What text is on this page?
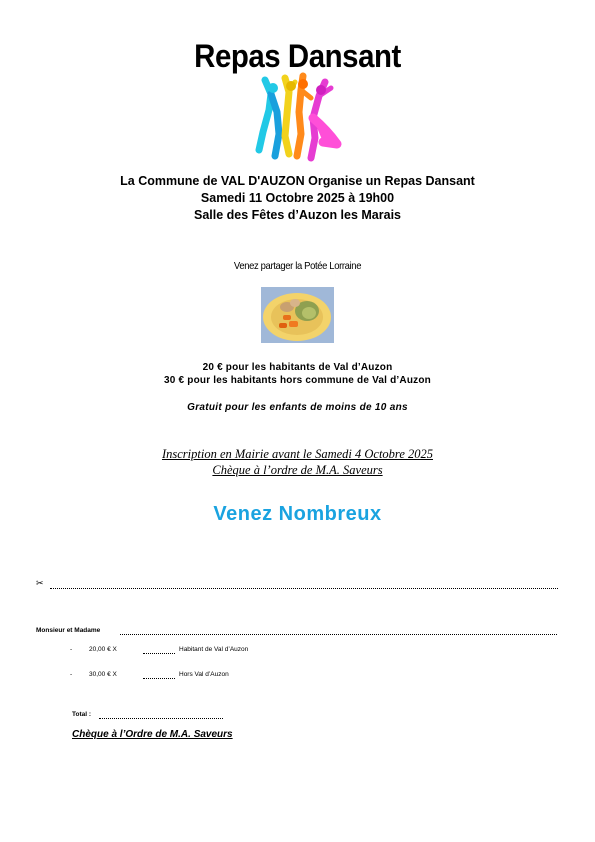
Repas Dansant
La Commune de VAL D'AUZON Organise un Repas Dansant
Samedi 11 Octobre 2025 à 19h00
Salle des Fêtes d’Auzon les Marais
Venez partager la Potée Lorraine
20 € pour les habitants de Val d’Auzon
30 € pour les habitants hors commune de Val d’Auzon
Gratuit pour les enfants de moins de 10 ans
Inscription en Mairie avant le Samedi 4 Octobre 2025
Chèque à l’ordre de M.A. Saveurs
Venez Nombreux
✂
Monsieur et Madame
-	20,00 € X	Habitant de Val d’Auzon
-	30,00 € X	Hors Val d’Auzon
Total :
Chèque à l’Ordre de M.A. Saveurs
